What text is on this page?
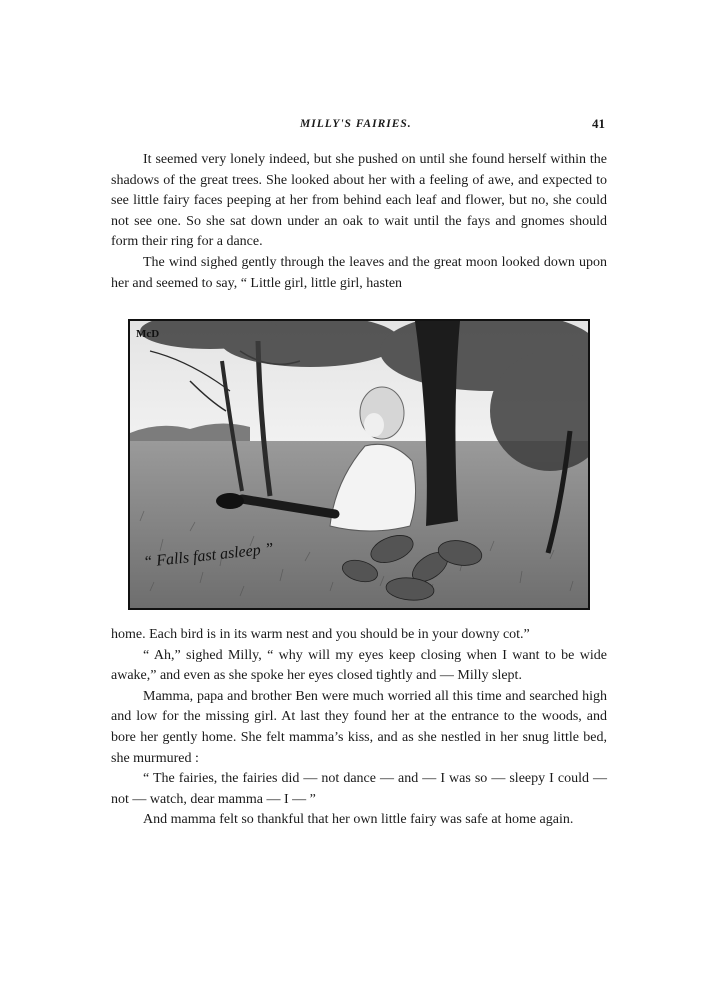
MILLY'S FAIRIES.	41

It seemed very lonely indeed, but she pushed on until she found herself within the shadows of the great trees. She looked about her with a feeling of awe, and expected to see little fairy faces peeping at her from behind each leaf and flower, but no, she could not see one. So she sat down under an oak to wait until the fays and gnomes should form their ring for a dance.

The wind sighed gently through the leaves and the great moon looked down upon her and seemed to say, “ Little girl, little girl, hasten

McD
“ Falls fast asleep ”

home. Each bird is in its warm nest and you should be in your downy cot.”

“ Ah,” sighed Milly, “ why will my eyes keep closing when I want to be wide awake,” and even as she spoke her eyes closed tightly and — Milly slept.

Mamma, papa and brother Ben were much worried all this time and searched high and low for the missing girl. At last they found her at the entrance to the woods, and bore her gently home. She felt mamma’s kiss, and as she nestled in her snug little bed, she murmured :

“ The fairies, the fairies did — not dance — and — I was so — sleepy I could — not — watch, dear mamma — I — ”

And mamma felt so thankful that her own little fairy was safe at home again.
